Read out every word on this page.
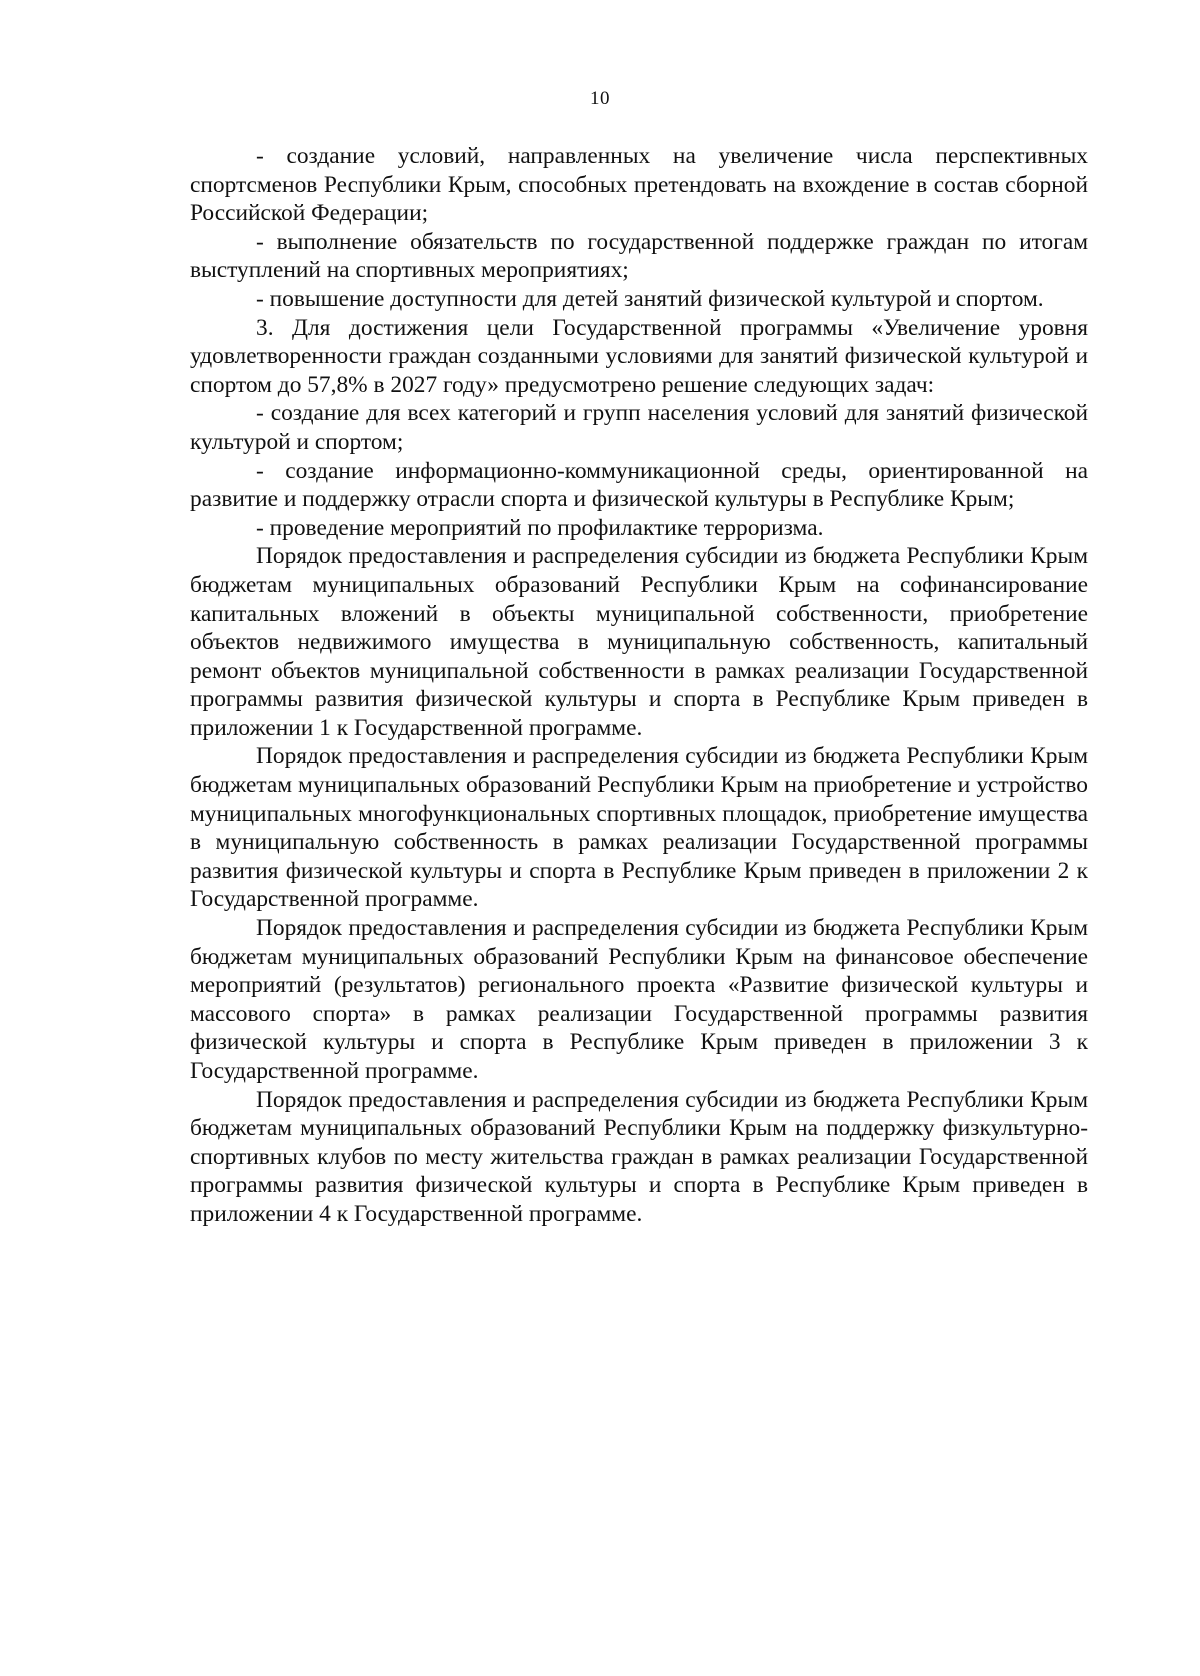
10

- создание условий, направленных на увеличение числа перспективных спортсменов Республики Крым, способных претендовать на вхождение в состав сборной Российской Федерации;

- выполнение обязательств по государственной поддержке граждан по итогам выступлений на спортивных мероприятиях;

- повышение доступности для детей занятий физической культурой и спортом.

3. Для достижения цели Государственной программы «Увеличение уровня удовлетворенности граждан созданными условиями для занятий физической культурой и спортом до 57,8% в 2027 году» предусмотрено решение следующих задач:

- создание для всех категорий и групп населения условий для занятий физической культурой и спортом;

- создание информационно-коммуникационной среды, ориентированной на развитие и поддержку отрасли спорта и физической культуры в Республике Крым;

- проведение мероприятий по профилактике терроризма.

Порядок предоставления и распределения субсидии из бюджета Республики Крым бюджетам муниципальных образований Республики Крым на софинансирование капитальных вложений в объекты муниципальной собственности, приобретение объектов недвижимого имущества в муниципальную собственность, капитальный ремонт объектов муниципальной собственности в рамках реализации Государственной программы развития физической культуры и спорта в Республике Крым приведен в приложении 1 к Государственной программе.

Порядок предоставления и распределения субсидии из бюджета Республики Крым бюджетам муниципальных образований Республики Крым на приобретение и устройство муниципальных многофункциональных спортивных площадок, приобретение имущества в муниципальную собственность в рамках реализации Государственной программы развития физической культуры и спорта в Республике Крым приведен в приложении 2 к Государственной программе.

Порядок предоставления и распределения субсидии из бюджета Республики Крым бюджетам муниципальных образований Республики Крым на финансовое обеспечение мероприятий (результатов) регионального проекта «Развитие физической культуры и массового спорта» в рамках реализации Государственной программы развития физической культуры и спорта в Республике Крым приведен в приложении 3 к Государственной программе.

Порядок предоставления и распределения субсидии из бюджета Республики Крым бюджетам муниципальных образований Республики Крым на поддержку физкультурно-спортивных клубов по месту жительства граждан в рамках реализации Государственной программы развития физической культуры и спорта в Республике Крым приведен в приложении 4 к Государственной программе.
